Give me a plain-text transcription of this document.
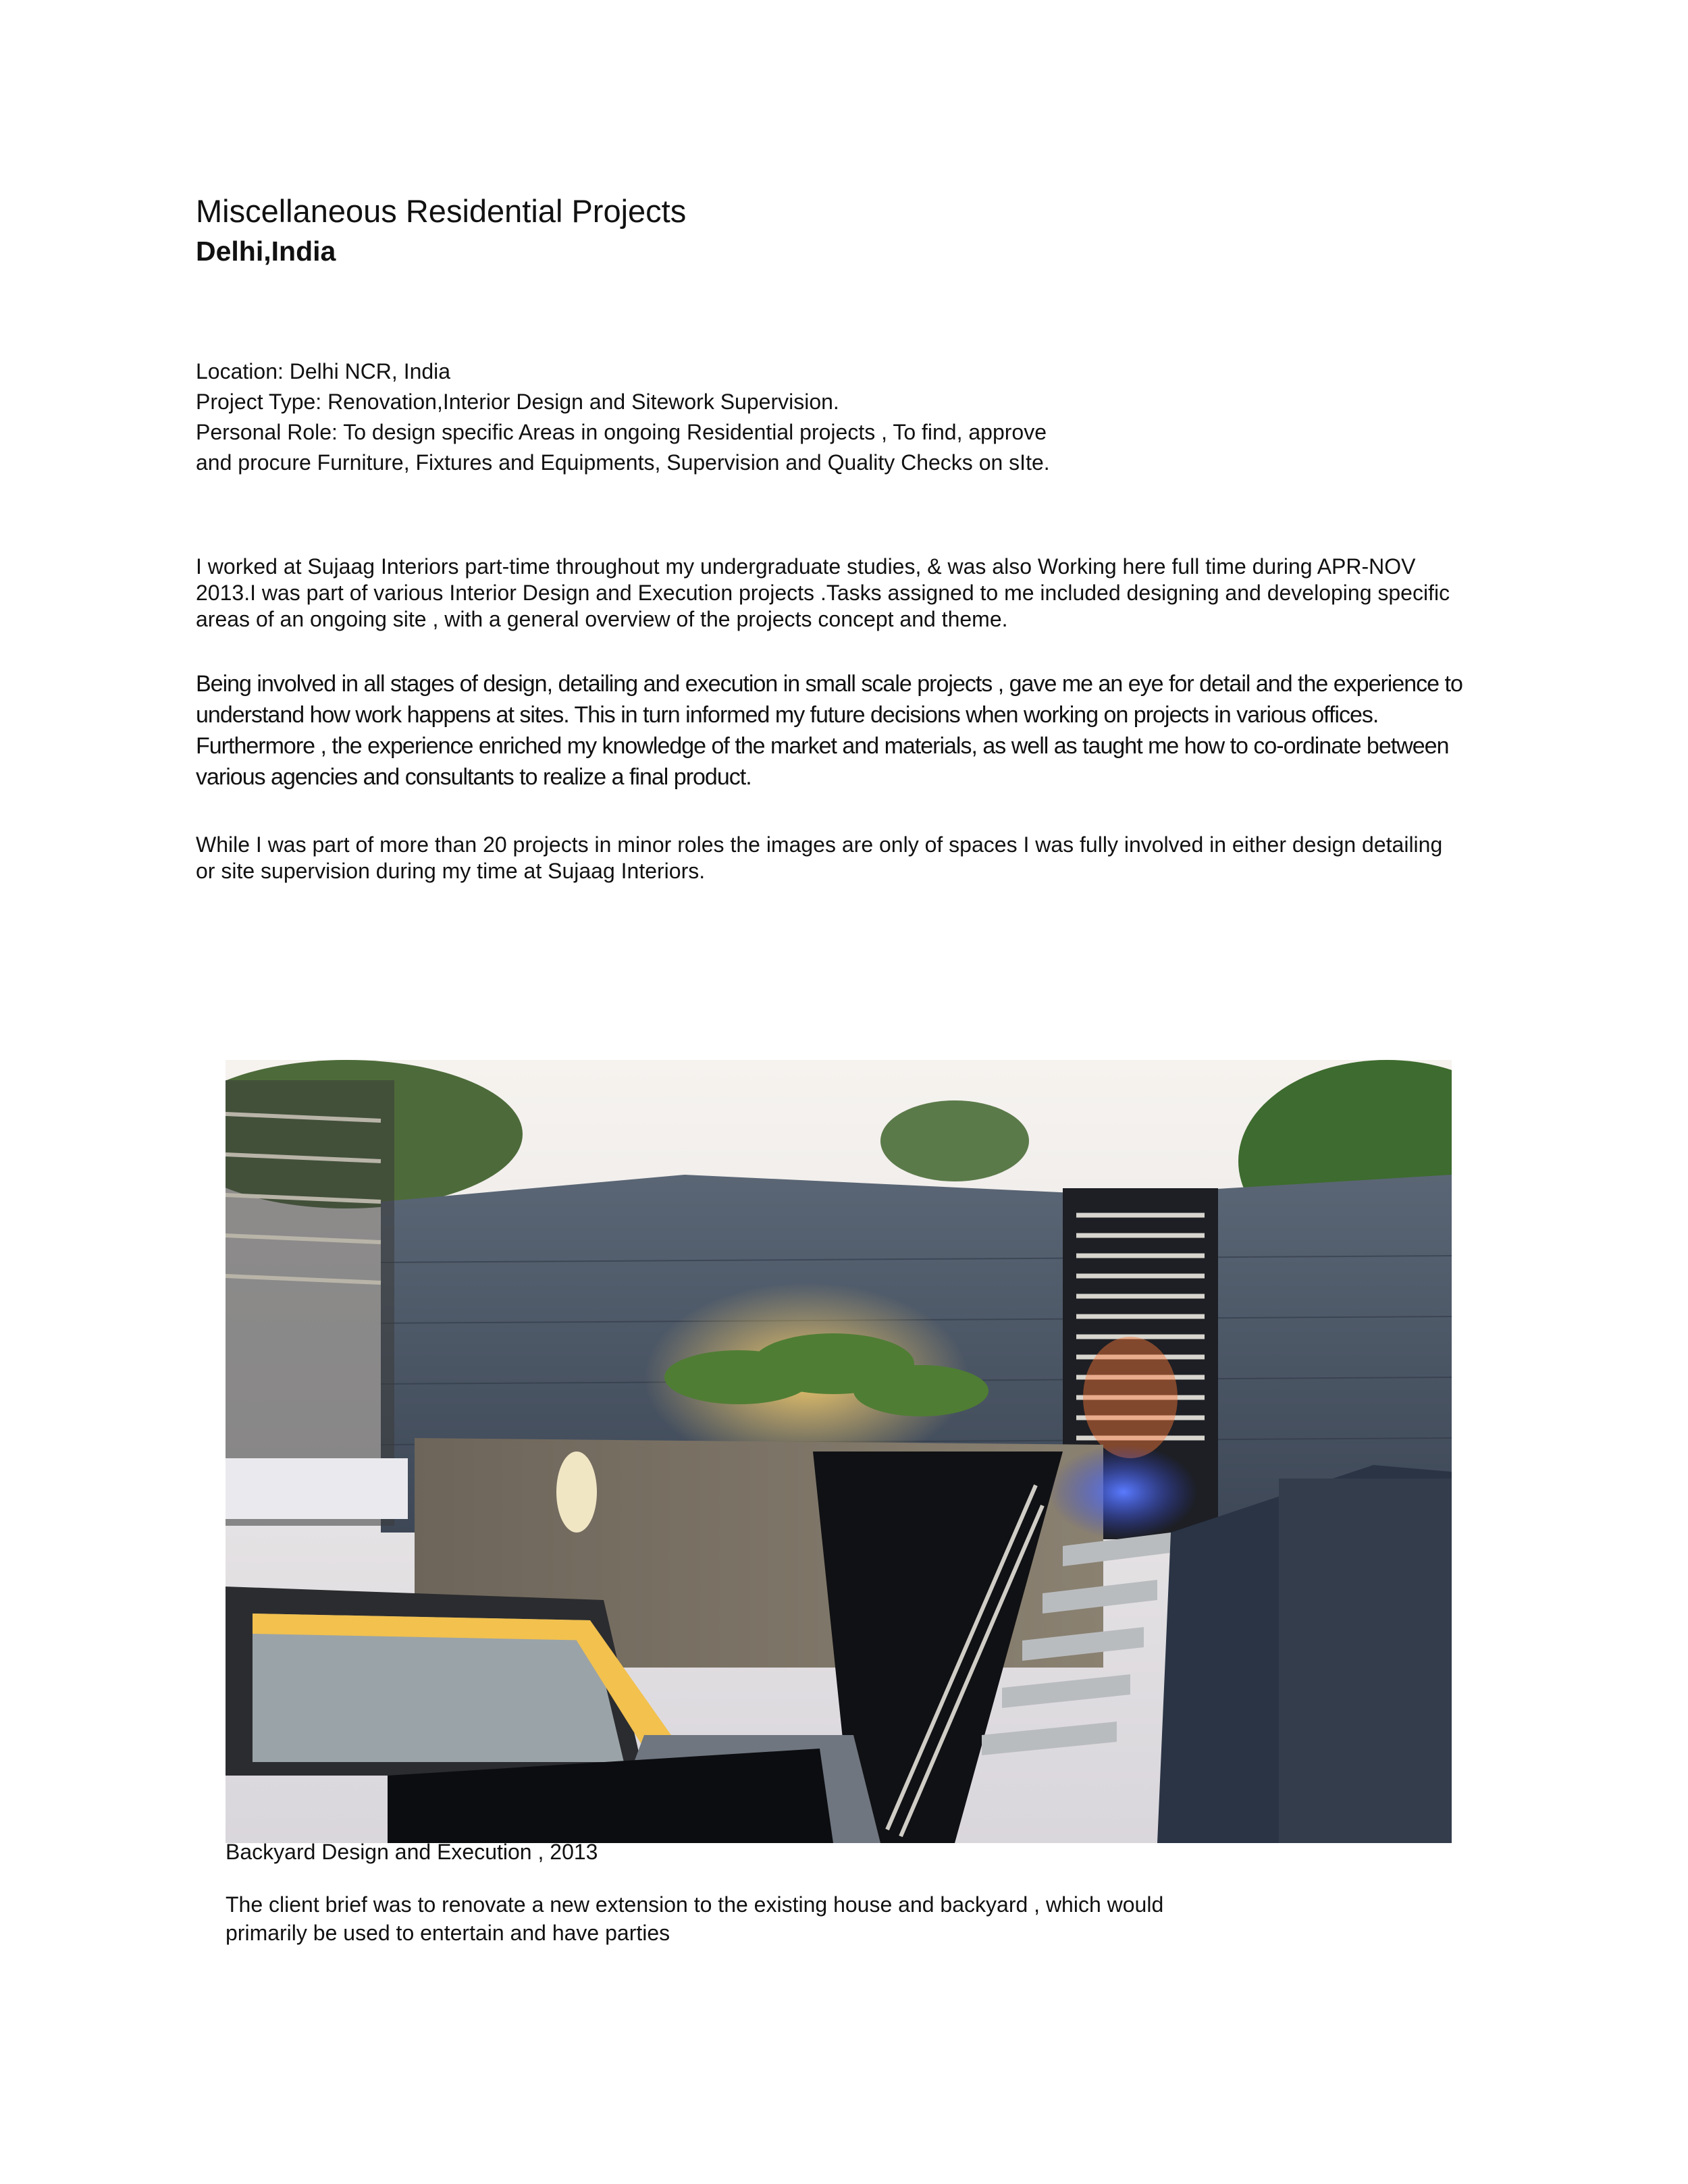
Miscellaneous Residential Projects
Delhi,India

Location: Delhi NCR, India

Project Type: Renovation,Interior Design and Sitework Supervision.

Personal Role: To design specific Areas in ongoing Residential projects , To find, approve

and procure Furniture, Fixtures and Equipments, Supervision and Quality Checks on sIte.

I worked at Sujaag Interiors part-time throughout my undergraduate studies, & was also Working here full time during APR-NOV 2013.I was part of various Interior Design and Execution projects .Tasks assigned to me included designing and developing specific areas of an ongoing site , with a general overview of the projects concept and theme.

Being involved in all stages of design, detailing and execution in small scale projects , gave me an eye for detail and the experience to understand how work happens at sites. This in turn informed my future decisions when working on projects in various offices. Furthermore , the experience enriched my knowledge of the market and materials, as well as taught me how to co-ordinate between various agencies and consultants to realize a final product.

While I was part of more than 20 projects in minor roles the images are only of spaces I was fully involved in either design detailing or site supervision during my time at Sujaag Interiors.

Backyard Design and Execution , 2013

The client brief was to renovate a new extension to the existing house and backyard , which would primarily be used to entertain and have parties
